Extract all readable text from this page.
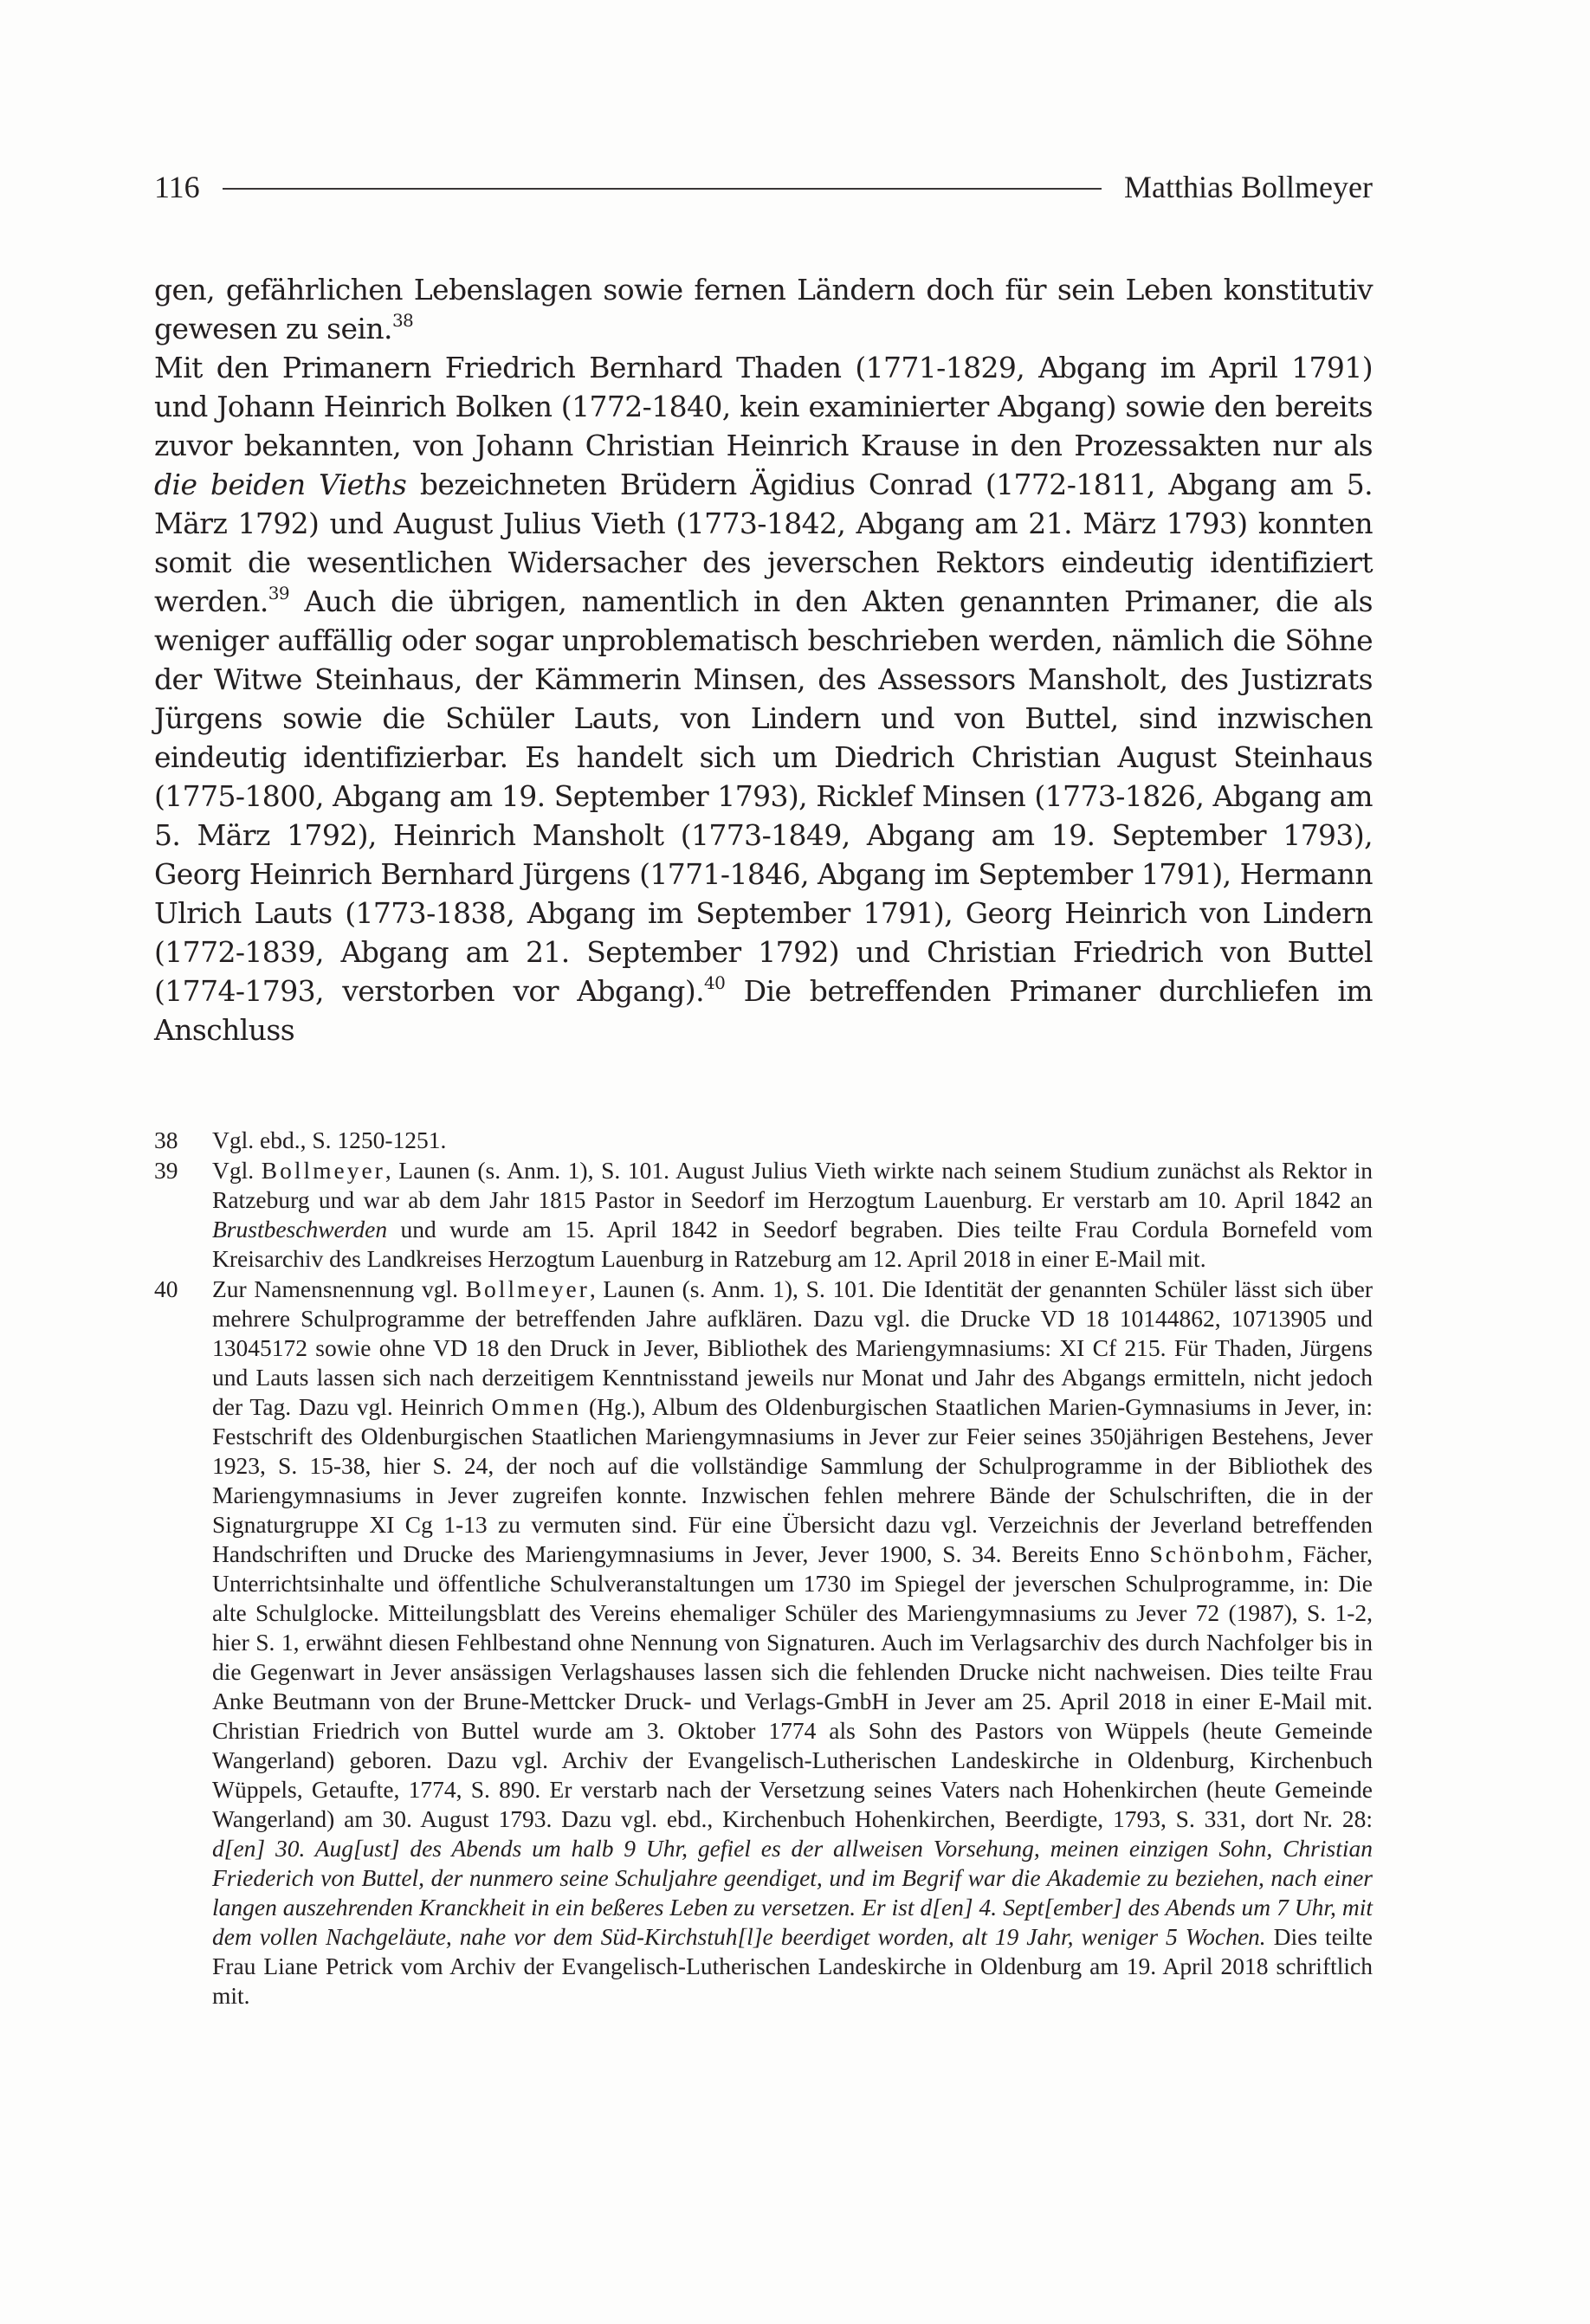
116	Matthias Bollmeyer

gen, gefährlichen Lebenslagen sowie fernen Ländern doch für sein Leben konstitutiv gewesen zu sein.$^{38}$

Mit den Primanern Friedrich Bernhard Thaden (1771-1829, Abgang im April 1791) und Johann Heinrich Bolken (1772-1840, kein examinierter Abgang) sowie den bereits zuvor bekannten, von Johann Christian Heinrich Krause in den Prozessakten nur als die beiden Vieths bezeichneten Brüdern Ägidius Conrad (1772-1811, Abgang am 5. März 1792) und August Julius Vieth (1773-1842, Abgang am 21. März 1793) konnten somit die wesentlichen Widersacher des jeverschen Rektors eindeutig identifiziert werden.$^{39}$ Auch die übrigen, namentlich in den Akten genannten Primaner, die als weniger auffällig oder sogar unproblematisch beschrieben werden, nämlich die Söhne der Witwe Steinhaus, der Kämmerin Minsen, des Assessors Mansholt, des Justizrats Jürgens sowie die Schüler Lauts, von Lindern und von Buttel, sind inzwischen eindeutig identifizierbar. Es handelt sich um Diedrich Christian August Steinhaus (1775-1800, Abgang am 19. September 1793), Ricklef Minsen (1773-1826, Abgang am 5. März 1792), Heinrich Mansholt (1773-1849, Abgang am 19. September 1793), Georg Heinrich Bernhard Jürgens (1771-1846, Abgang im September 1791), Hermann Ulrich Lauts (1773-1838, Abgang im September 1791), Georg Heinrich von Lindern (1772-1839, Abgang am 21. September 1792) und Christian Friedrich von Buttel (1774-1793, verstorben vor Abgang).$^{40}$ Die betreffenden Primaner durchliefen im Anschluss

38	Vgl. ebd., S. 1250-1251.
39	Vgl. Bollmeyer, Launen (s. Anm. 1), S. 101. August Julius Vieth wirkte nach seinem Studium zunächst als Rektor in Ratzeburg und war ab dem Jahr 1815 Pastor in Seedorf im Herzogtum Lauenburg. Er verstarb am 10. April 1842 an Brustbeschwerden und wurde am 15. April 1842 in Seedorf begraben. Dies teilte Frau Cordula Bornefeld vom Kreisarchiv des Landkreises Herzogtum Lauenburg in Ratzeburg am 12. April 2018 in einer E-Mail mit.
40	Zur Namensnennung vgl. Bollmeyer, Launen (s. Anm. 1), S. 101. Die Identität der genannten Schüler lässt sich über mehrere Schulprogramme der betreffenden Jahre aufklären. Dazu vgl. die Drucke VD 18 10144862, 10713905 und 13045172 sowie ohne VD 18 den Druck in Jever, Bibliothek des Mariengymnasiums: XI Cf 215. Für Thaden, Jürgens und Lauts lassen sich nach derzeitigem Kenntnisstand jeweils nur Monat und Jahr des Abgangs ermitteln, nicht jedoch der Tag. Dazu vgl. Heinrich Ommen (Hg.), Album des Oldenburgischen Staatlichen Marien-Gymnasiums in Jever, in: Festschrift des Oldenburgischen Staatlichen Mariengymnasiums in Jever zur Feier seines 350jährigen Bestehens, Jever 1923, S. 15-38, hier S. 24, der noch auf die vollständige Sammlung der Schulprogramme in der Bibliothek des Mariengymnasiums in Jever zugreifen konnte. Inzwischen fehlen mehrere Bände der Schulschriften, die in der Signaturgruppe XI Cg 1-13 zu vermuten sind. Für eine Übersicht dazu vgl. Verzeichnis der Jeverland betreffenden Handschriften und Drucke des Mariengymnasiums in Jever, Jever 1900, S. 34. Bereits Enno Schönbohm, Fächer, Unterrichtsinhalte und öffentliche Schulveranstaltungen um 1730 im Spiegel der jeverschen Schulprogramme, in: Die alte Schulglocke. Mitteilungsblatt des Vereins ehemaliger Schüler des Mariengymnasiums zu Jever 72 (1987), S. 1-2, hier S. 1, erwähnt diesen Fehlbestand ohne Nennung von Signaturen. Auch im Verlagsarchiv des durch Nachfolger bis in die Gegenwart in Jever ansässigen Verlagshauses lassen sich die fehlenden Drucke nicht nachweisen. Dies teilte Frau Anke Beutmann von der Brune-Mettcker Druck- und Verlags-GmbH in Jever am 25. April 2018 in einer E-Mail mit. Christian Friedrich von Buttel wurde am 3. Oktober 1774 als Sohn des Pastors von Wüppels (heute Gemeinde Wangerland) geboren. Dazu vgl. Archiv der Evangelisch-Lutherischen Landeskirche in Oldenburg, Kirchenbuch Wüppels, Getaufte, 1774, S. 890. Er verstarb nach der Versetzung seines Vaters nach Hohenkirchen (heute Gemeinde Wangerland) am 30. August 1793. Dazu vgl. ebd., Kirchenbuch Hohenkirchen, Beerdigte, 1793, S. 331, dort Nr. 28: d[en] 30. Aug[ust] des Abends um halb 9 Uhr, gefiel es der allweisen Vorsehung, meinen einzigen Sohn, Christian Friederich von Buttel, der nunmero seine Schuljahre geendiget, und im Begrif war die Akademie zu beziehen, nach einer langen auszehrenden Kranckheit in ein beßeres Leben zu versetzen. Er ist d[en] 4. Sept[ember] des Abends um 7 Uhr, mit dem vollen Nachgeläute, nahe vor dem Süd-Kirchstuh[l]e beerdiget worden, alt 19 Jahr, weniger 5 Wochen. Dies teilte Frau Liane Petrick vom Archiv der Evangelisch-Lutherischen Landeskirche in Oldenburg am 19. April 2018 schriftlich mit.
